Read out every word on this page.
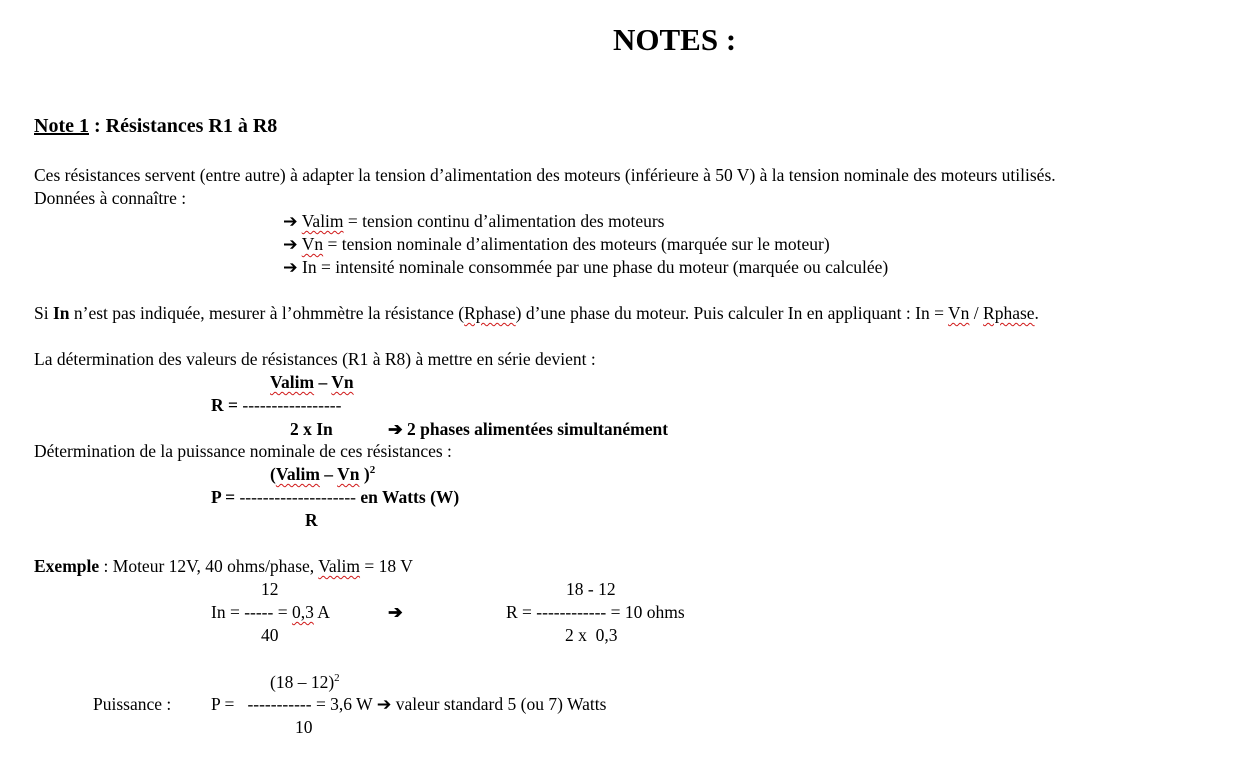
NOTES :
Note 1 : Résistances R1 à R8
Ces résistances servent (entre autre) à adapter la tension d’alimentation des moteurs (inférieure à 50 V) à la tension nominale des moteurs utilisés.
Données à connaître :
➔ Valim = tension continu d’alimentation des moteurs
➔ Vn = tension nominale d’alimentation des moteurs (marquée sur le moteur)
➔ In = intensité nominale consommée par une phase du moteur (marquée ou calculée)
Si In n’est pas indiquée, mesurer à l’ohmmètre la résistance (Rphase) d’une phase du moteur. Puis calculer In en appliquant : In = Vn / Rphase.
La détermination des valeurs de résistances (R1 à R8) à mettre en série devient :
Valim – Vn
R = -----------------
2 x In	➔ 2 phases alimentées simultanément
Détermination de la puissance nominale de ces résistances :
(Valim – Vn )$^2$
P = -------------------- en Watts (W)
R
Exemple : Moteur 12V, 40 ohms/phase, Valim = 18 V
12	18 - 12
In = ----- = 0,3 A	➔	R = ------------ = 10 ohms
40	2 x  0,3
(18 – 12)$^2$
Puissance : P =   ----------- = 3,6 W ➔ valeur standard 5 (ou 7) Watts
10
